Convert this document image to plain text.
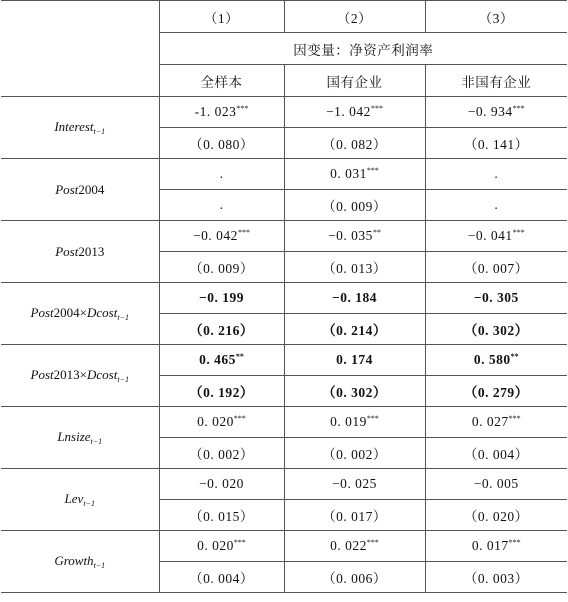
	（1）	（2）	（3）
	因变量：净资产利润率		
	全样本	国有企业	非国有企业
Interest$_{t-1}$	-1. 023***	−1. 042***	−0. 934***
	（0. 080）	（0. 082）	（0. 141）
Post2004	.	0. 031***	.
	.	（0. 009）	.
Post2013	−0. 042***	−0. 035**	−0. 041***
	（0. 009）	（0. 013）	（0. 007）
Post2004×Dcost$_{t-1}$	−0. 199	−0. 184	−0. 305
	（0. 216）	（0. 214）	（0. 302）
Post2013×Dcost$_{t-1}$	0. 465**	0. 174	0. 580**
	（0. 192）	（0. 302）	（0. 279）
Lnsize$_{t-1}$	0. 020***	0. 019***	0. 027***
	（0. 002）	（0. 002）	（0. 004）
Lev$_{t-1}$	−0. 020	−0. 025	−0. 005
	（0. 015）	（0. 017）	（0. 020）
Growth$_{t-1}$	0. 020***	0. 022***	0. 017***
	（0. 004）	（0. 006）	（0. 003）
